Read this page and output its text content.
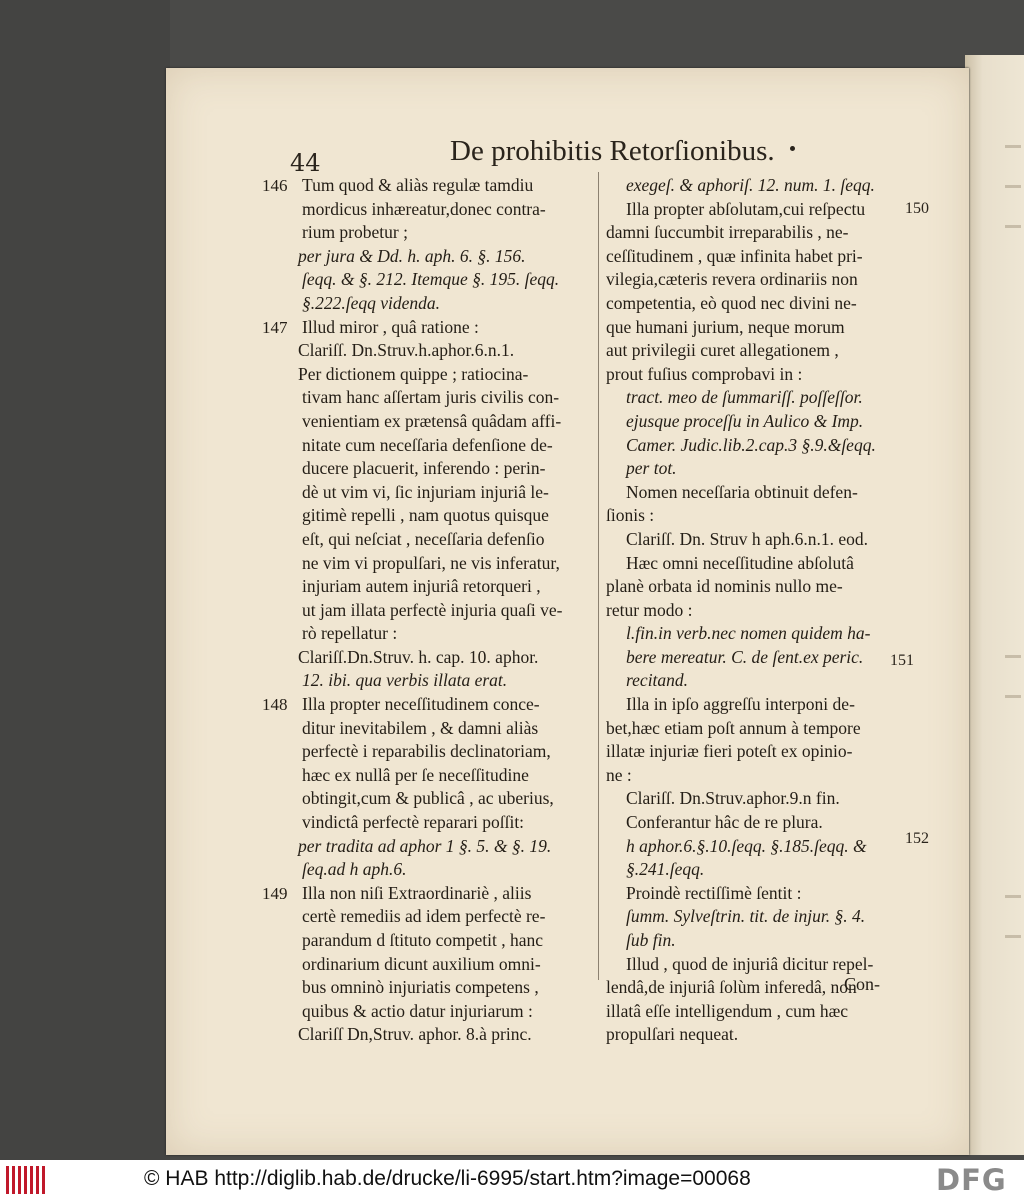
44	De prohibitis Retorſionibus.
146 Tum quod & aliàs regulæ tamdiu
mordicus inhæreatur,donec contra-
rium probetur ;
per jura & Dd. h. aph. 6. §. 156.
ſeqq. & §. 212. Itemque §. 195. ſeqq.
§.222.ſeqq videnda.
147 Illud miror , quâ ratione :
Clariſſ. Dn.Struv.h.aphor.6.n.1.
Per dictionem quippe ; ratiocina-
tivam hanc aſſertam juris civilis con-
venientiam ex prætensâ quâdam affi-
nitate cum neceſſaria defenſione de-
ducere placuerit, inferendo : perin-
dè ut vim vi, ſic injuriam injuriâ le-
gitimè repelli , nam quotus quisque
eſt, qui neſciat , neceſſaria defenſio
ne vim vi propulſari, ne vis inferatur,
injuriam autem injuriâ retorqueri ,
ut jam illata perfectè injuria quaſi ve-
rò repellatur :
Clariſſ.Dn.Struv. h. cap. 10. aphor.
12. ibi. qua verbis illata erat.
148 Illa propter neceſſitudinem conce-
ditur inevitabilem , & damni aliàs
perfectè i reparabilis declinatoriam,
hæc ex nullâ per ſe neceſſitudine
obtingit,cum & publicâ , ac uberius,
vindictâ perfectè reparari poſſit:
per tradita ad aphor 1 §. 5. & §. 19.
ſeq.ad h aph.6.
149 Illa non niſi Extraordinariè , aliis
certè remediis ad idem perfectè re-
parandum d ſtituto competit , hanc
ordinarium dicunt auxilium omni-
bus omninò injuriatis competens ,
quibus & actio datur injuriarum :
Clariſſ Dn,Struv. aphor. 8.à princ.
exegeſ. & aphoriſ. 12. num. 1. ſeqq.
Illa propter abſolutam,cui reſpectu
damni ſuccumbit irreparabilis , ne-
ceſſitudinem , quæ infinita habet pri-
vilegia,cæteris revera ordinariis non
competentia, eò quod nec divini ne-
que humani jurium, neque morum
aut privilegii curet allegationem ,
prout fuſius comprobavi in :
tract. meo de ſummariſſ. poſſeſſor.
ejusque proceſſu in Aulico & Imp.
Camer. Judic.lib.2.cap.3 §.9.&ſeqq.
per tot.
Nomen neceſſaria obtinuit defen-
ſionis :
Clariſſ. Dn. Struv h aph.6.n.1. eod.
Hæc omni neceſſitudine abſolutâ
planè orbata id nominis nullo me-
retur modo :
l.fin.in verb.nec nomen quidem ha-
bere mereatur. C. de ſent.ex peric.
recitand.
Illa in ipſo aggreſſu interponi de-
bet,hæc etiam poſt annum à tempore
illatæ injuriæ fieri poteſt ex opinio-
ne :
Clariſſ. Dn.Struv.aphor.9.n fin.
Conferantur hâc de re plura.
h aphor.6.§.10.ſeqq. §.185.ſeqq. &
§.241.ſeqq.
Proindè rectiſſimè ſentit :
ſumm. Sylveſtrin. tit. de injur. §. 4.
ſub fin.
Illud , quod de injuriâ dicitur repel-
lendâ,de injuriâ ſolùm inferedâ, non
illatâ eſſe intelligendum , cum hæc
propulſari nequeat.
150
151
152
Con-
© HAB http://diglib.hab.de/drucke/li-6995/start.htm?image=00068	DFG
